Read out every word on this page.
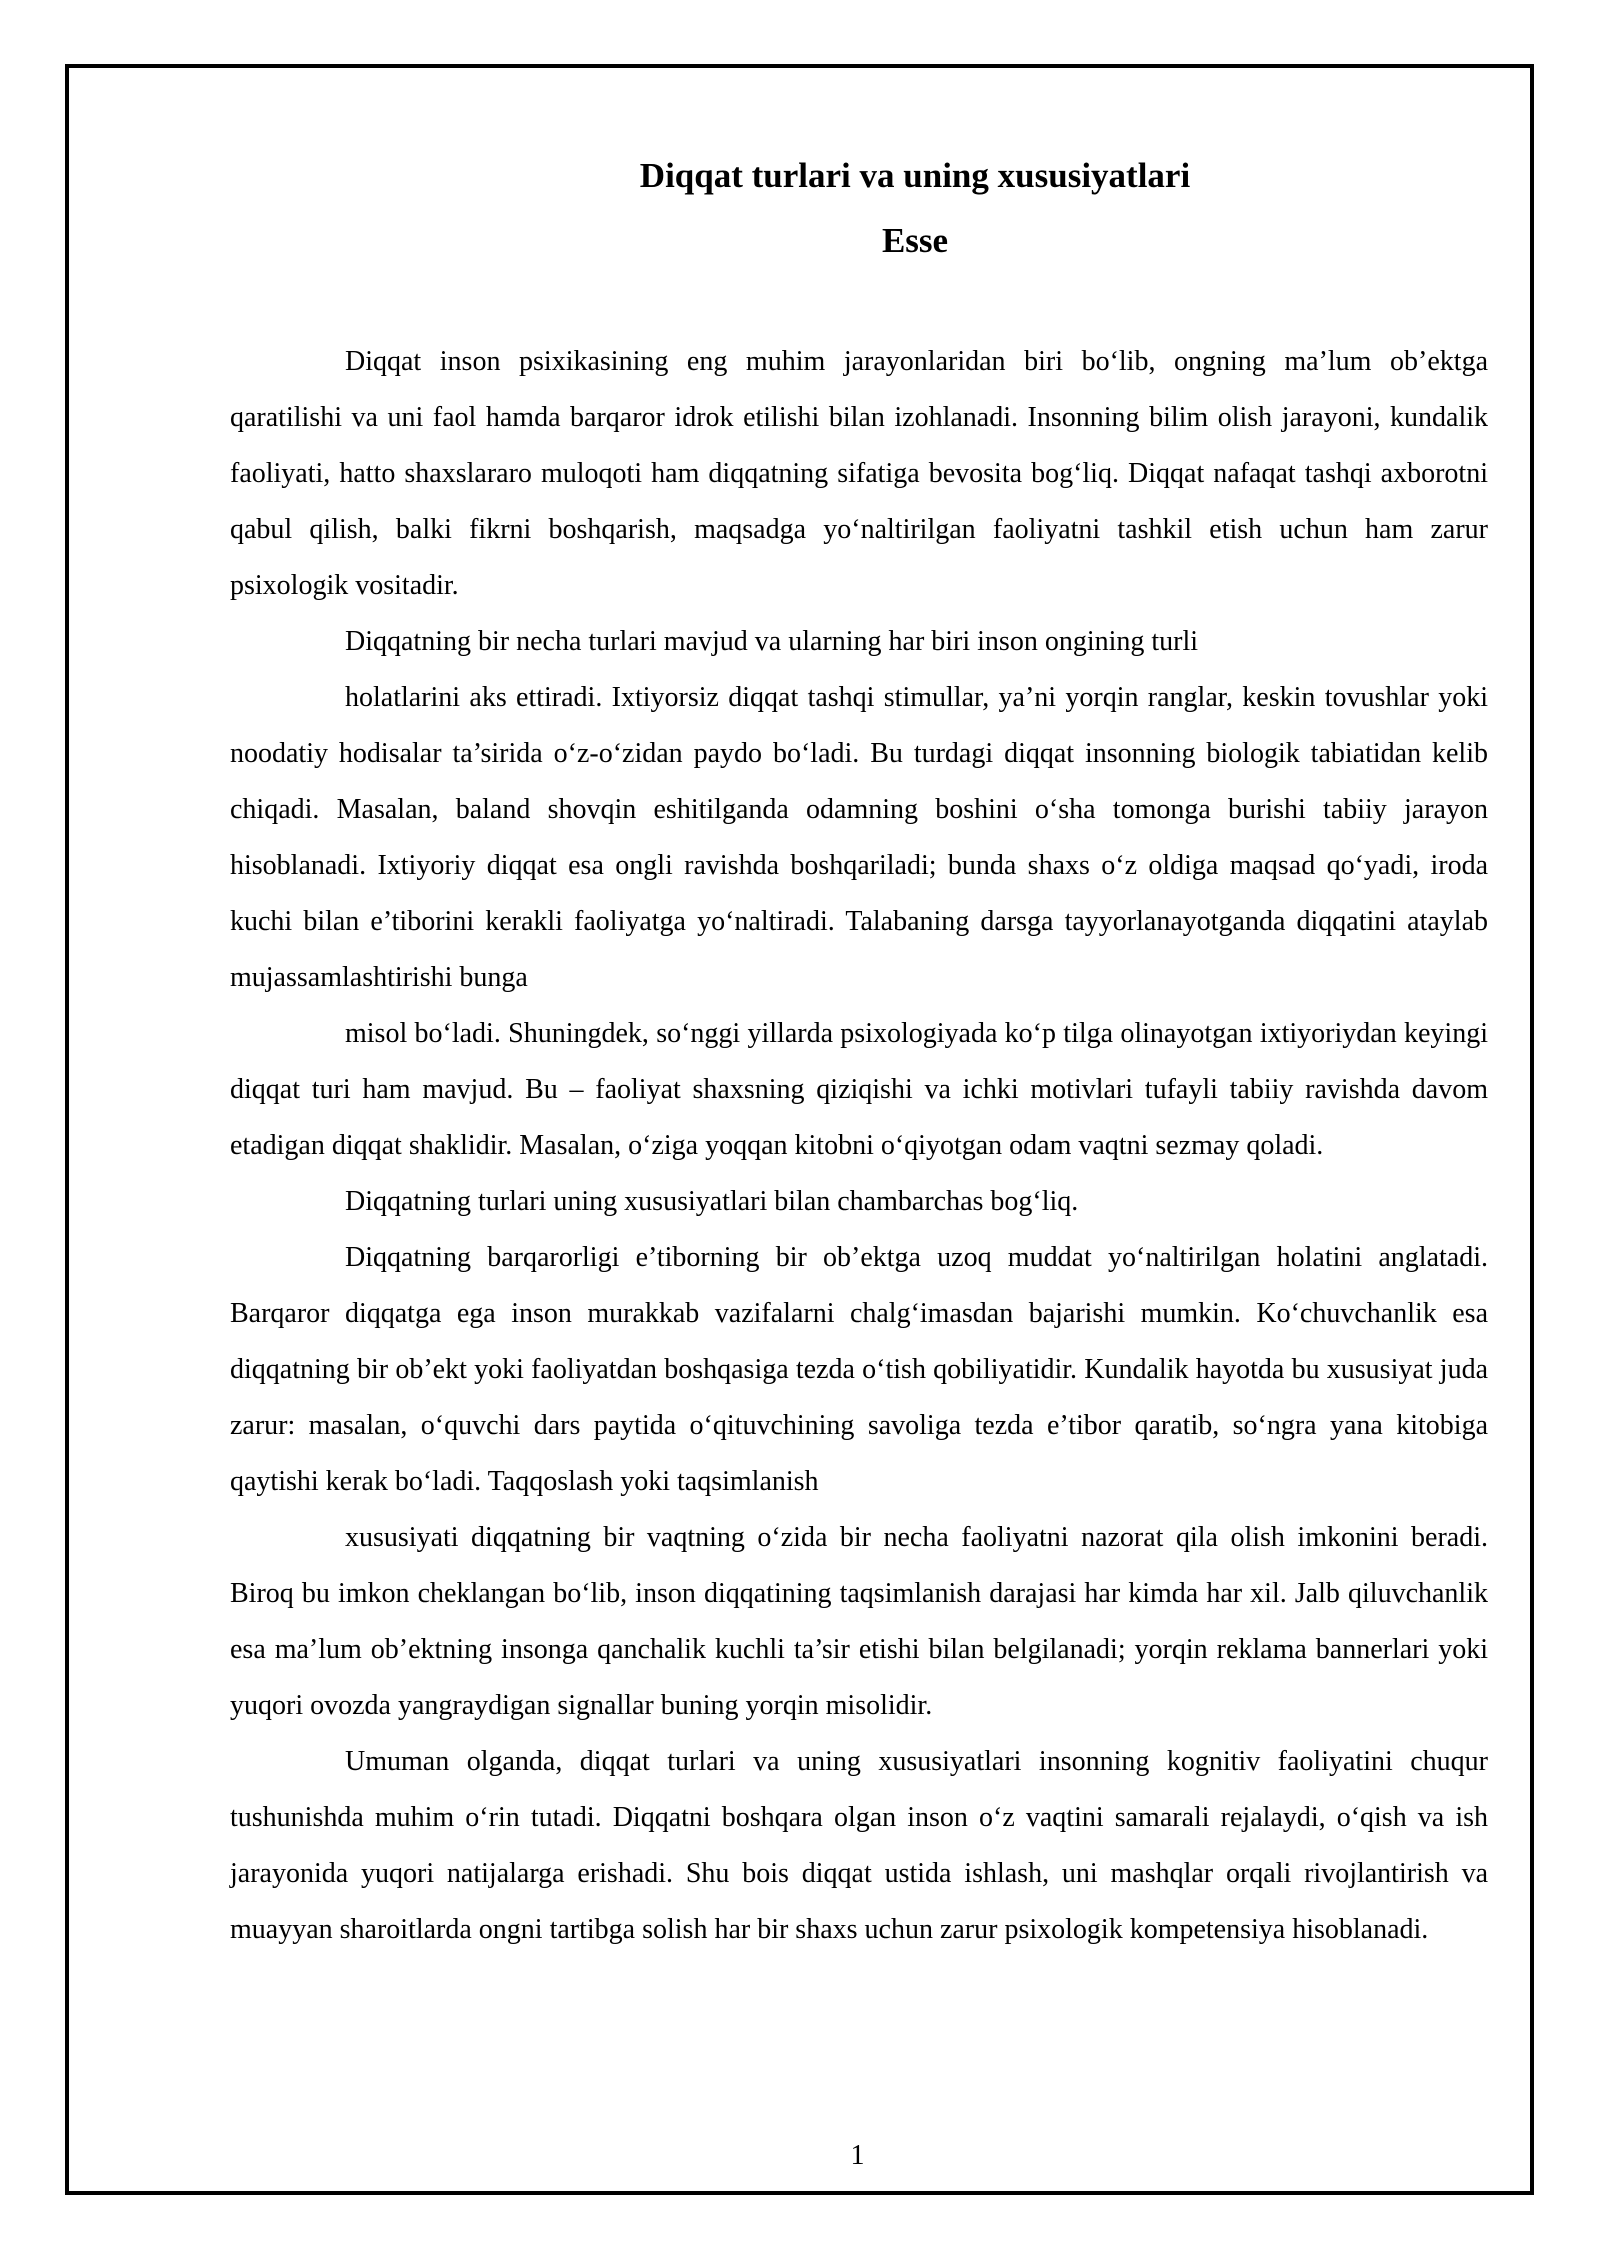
Diqqat turlari va uning xususiyatlari
Esse

Diqqat inson psixikasining eng muhim jarayonlaridan biri bo‘lib, ongning ma’lum ob’ektga qaratilishi va uni faol hamda barqaror idrok etilishi bilan izohlanadi. Insonning bilim olish jarayoni, kundalik faoliyati, hatto shaxslararo muloqoti ham diqqatning sifatiga bevosita bog‘liq. Diqqat nafaqat tashqi axborotni qabul qilish, balki fikrni boshqarish, maqsadga yo‘naltirilgan faoliyatni tashkil etish uchun ham zarur psixologik vositadir.

Diqqatning bir necha turlari mavjud va ularning har biri inson ongining turli

holatlarini aks ettiradi. Ixtiyorsiz diqqat tashqi stimullar, ya’ni yorqin ranglar, keskin tovushlar yoki noodatiy hodisalar ta’sirida o‘z-o‘zidan paydo bo‘ladi. Bu turdagi diqqat insonning biologik tabiatidan kelib chiqadi. Masalan, baland shovqin eshitilganda odamning boshini o‘sha tomonga burishi tabiiy jarayon hisoblanadi. Ixtiyoriy diqqat esa ongli ravishda boshqariladi; bunda shaxs o‘z oldiga maqsad qo‘yadi, iroda kuchi bilan e’tiborini kerakli faoliyatga yo‘naltiradi. Talabaning darsga tayyorlanayotganda diqqatini ataylab mujassamlashtirishi bunga

misol bo‘ladi. Shuningdek, so‘nggi yillarda psixologiyada ko‘p tilga olinayotgan ixtiyoriydan keyingi diqqat turi ham mavjud. Bu – faoliyat shaxsning qiziqishi va ichki motivlari tufayli tabiiy ravishda davom etadigan diqqat shaklidir. Masalan, o‘ziga yoqqan kitobni o‘qiyotgan odam vaqtni sezmay qoladi.

Diqqatning turlari uning xususiyatlari bilan chambarchas bog‘liq.

Diqqatning barqarorligi e’tiborning bir ob’ektga uzoq muddat yo‘naltirilgan holatini anglatadi. Barqaror diqqatga ega inson murakkab vazifalarni chalg‘imasdan bajarishi mumkin. Ko‘chuvchanlik esa diqqatning bir ob’ekt yoki faoliyatdan boshqasiga tezda o‘tish qobiliyatidir. Kundalik hayotda bu xususiyat juda zarur: masalan, o‘quvchi dars paytida o‘qituvchining savoliga tezda e’tibor qaratib, so‘ngra yana kitobiga qaytishi kerak bo‘ladi. Taqqoslash yoki taqsimlanish

xususiyati diqqatning bir vaqtning o‘zida bir necha faoliyatni nazorat qila olish imkonini beradi. Biroq bu imkon cheklangan bo‘lib, inson diqqatining taqsimlanish darajasi har kimda har xil. Jalb qiluvchanlik esa ma’lum ob’ektning insonga qanchalik kuchli ta’sir etishi bilan belgilanadi; yorqin reklama bannerlari yoki yuqori ovozda yangraydigan signallar buning yorqin misolidir.

Umuman olganda, diqqat turlari va uning xususiyatlari insonning kognitiv faoliyatini chuqur tushunishda muhim o‘rin tutadi. Diqqatni boshqara olgan inson o‘z vaqtini samarali rejalaydi, o‘qish va ish jarayonida yuqori natijalarga erishadi. Shu bois diqqat ustida ishlash, uni mashqlar orqali rivojlantirish va muayyan sharoitlarda ongni tartibga solish har bir shaxs uchun zarur psixologik kompetensiya hisoblanadi.

1
